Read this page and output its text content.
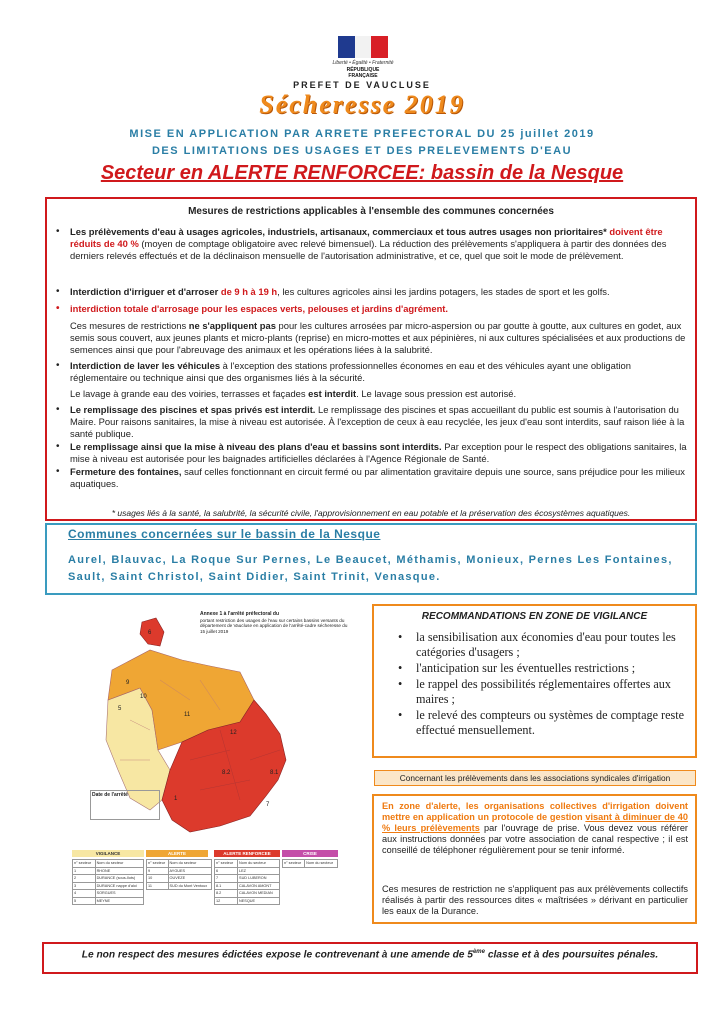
Liberté • Égalité • Fraternité
RÉPUBLIQUE FRANÇAISE
PREFET DE VAUCLUSE
Sécheresse 2019
MISE EN APPLICATION PAR ARRETE PREFECTORAL DU 25 juillet 2019
DES LIMITATIONS DES USAGES ET DES PRELEVEMENTS D'EAU
Secteur en ALERTE RENFORCEE: bassin de la Nesque
Mesures de restrictions applicables à l'ensemble des communes concernées
• Les prélèvements d'eau à usages agricoles, industriels, artisanaux, commerciaux et tous autres usages non prioritaires* doivent être réduits de 40 % (moyen de comptage obligatoire avec relevé bimensuel). La réduction des prélèvements s'appliquera à partir des données des derniers relevés effectués et de la déclinaison mensuelle de l'autorisation administrative, et ce, quel que soit le mode de prélèvement.
• Interdiction d'irriguer et d'arroser de 9 h à 19 h, les cultures agricoles ainsi les jardins potagers, les stades de sport et les golfs.
• interdiction totale d'arrosage pour les espaces verts, pelouses et jardins d'agrément.
Ces mesures de restrictions ne s'appliquent pas pour les cultures arrosées par micro-aspersion ou par goutte à goutte, aux cultures en godet, aux semis sous couvert, aux jeunes plants et micro-plants (reprise) en micro-mottes et aux pépinières, ni aux cultures spécialisées et aux productions de semences ainsi que pour l'abreuvage des animaux et les opérations liées à la salubrité.
• Interdiction de laver les véhicules à l'exception des stations professionnelles économes en eau et des véhicules ayant une obligation réglementaire ou technique ainsi que des organismes liés à la sécurité.
Le lavage à grande eau des voiries, terrasses et façades est interdit. Le lavage sous pression est autorisé.
• Le remplissage des piscines et spas privés est interdit. Le remplissage des piscines et spas accueillant du public est soumis à l'autorisation du Maire. Pour raisons sanitaires, la mise à niveau est autorisée. À l'exception de ceux à eau recyclée, les jeux d'eau sont interdits, sauf raison liée à la santé publique.
• Le remplissage ainsi que la mise à niveau des plans d'eau et bassins sont interdits. Par exception pour le respect des obligations sanitaires, la mise à niveau est autorisée pour les baignades artificielles déclarées à l'Agence Régionale de Santé.
• Fermeture des fontaines, sauf celles fonctionnant en circuit fermé ou par alimentation gravitaire depuis une source, sans préjudice pour les milieux aquatiques.
* usages liés à la santé, la salubrité, la sécurité civile, l'approvisionnement en eau potable et la préservation des écosystèmes aquatiques.
Communes concernées sur le bassin de la Nesque
Aurel, Blauvac, La Roque Sur Pernes, Le Beaucet, Méthamis, Monieux, Pernes Les Fontaines, Sault, Saint Christol, Saint Didier, Saint Trinit, Venasque.
6
9
10
5
11
12
8.2	8.1
7
1
Annexe 1 à l'arrêté préfectoral du
portant restriction des usages de l'eau sur certains bassins versants du département de Vaucluse en application de l'arrêté-cadre sécheresse du 15 juillet 2019
Date de l'arrêté
VIGILANCE	ALERTE	ALERTE RENFORCEE	CRISE
n° secteur	Nom du secteur
1	RHONE
2	DURANCE (sous-Ilots)
3	DURANCE nappe d'aloi
4	SORGUES
5	MEYNE
n° secteur	Nom du secteur
9	AYGUES
10	OUVEZE
11	SUD du Mont Ventoux
n° secteur	Nom du secteur
6	LEZ
7	SUD LUBERON
8.1	CALAVON AMONT
8.2	CALAVON MEDIAN
12	NESQUE
n° secteur	Nom du secteur
RECOMMANDATIONS EN ZONE DE VIGILANCE
• la sensibilisation aux économies d'eau pour toutes les catégories d'usagers ;
• l'anticipation sur les éventuelles restrictions ;
• le rappel des possibilités réglementaires offertes aux maires ;
• le relevé des compteurs ou systèmes de comptage reste effectué mensuellement.
Concernant les prélèvements dans les associations syndicales d'irrigation
En zone d'alerte, les organisations collectives d'irrigation doivent mettre en application un protocole de gestion visant à diminuer de 40 % leurs prélèvements par l'ouvrage de prise. Vous devez vous référer aux instructions données par votre association de canal respective ; il est conseillé de téléphoner régulièrement pour se tenir informé.
Ces mesures de restriction ne s'appliquent pas aux prélèvements collectifs réalisés à partir des ressources dites « maîtrisées » dérivant en particulier les eaux de la Durance.
Le non respect des mesures édictées expose le contrevenant à une amende de 5ème classe et à des poursuites pénales.
